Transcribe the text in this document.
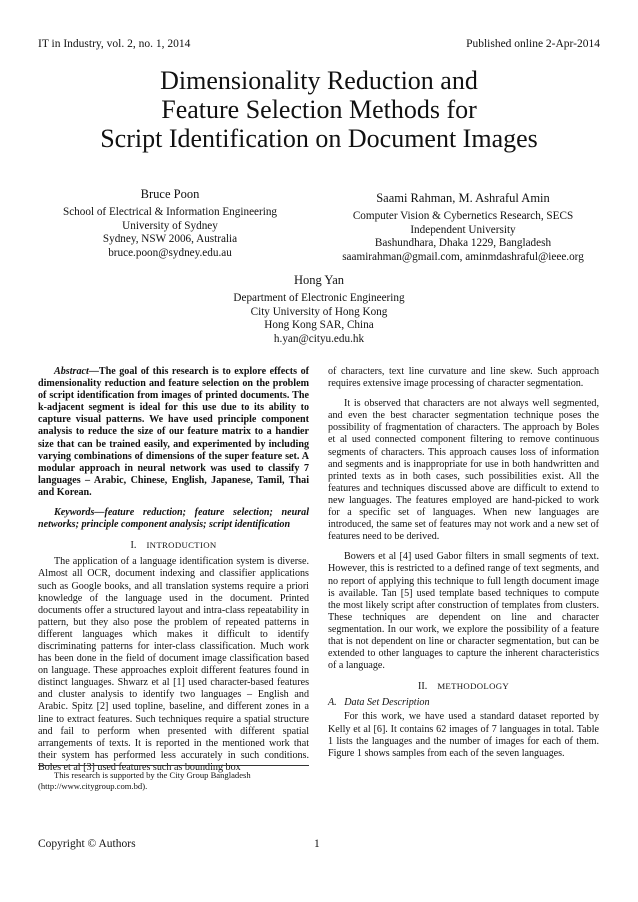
IT in Industry, vol. 2, no. 1, 2014	Published online 2-Apr-2014
Dimensionality Reduction and
Feature Selection Methods for
Script Identification on Document Images
Bruce Poon
School of Electrical & Information Engineering
University of Sydney
Sydney, NSW 2006, Australia
bruce.poon@sydney.edu.au
Saami Rahman, M. Ashraful Amin
Computer Vision & Cybernetics Research, SECS
Independent University
Bashundhara, Dhaka 1229, Bangladesh
saamirahman@gmail.com, aminmdashraful@ieee.org
Hong Yan
Department of Electronic Engineering
City University of Hong Kong
Hong Kong SAR, China
h.yan@cityu.edu.hk

Abstract—The goal of this research is to explore effects of dimensionality reduction and feature selection on the problem of script identification from images of printed documents. The k-adjacent segment is ideal for this use due to its ability to capture visual patterns. We have used principle component analysis to reduce the size of our feature matrix to a handier size that can be trained easily, and experimented by including varying combinations of dimensions of the super feature set. A modular approach in neural network was used to classify 7 languages – Arabic, Chinese, English, Japanese, Tamil, Thai and Korean.

Keywords—feature reduction; feature selection; neural networks; principle component analysis; script identification

I. INTRODUCTION

The application of a language identification system is diverse. Almost all OCR, document indexing and classifier applications such as Google books, and all translation systems require a priori knowledge of the language used in the document. Printed documents offer a structured layout and intra-class repeatability in pattern, but they also pose the problem of repeated patterns in different languages which makes it difficult to identify discriminating patterns for inter-class classification. Much work has been done in the field of document image classification based on language. These approaches exploit different features found in distinct languages. Shwarz et al [1] used character-based features and cluster analysis to identify two languages – English and Arabic. Spitz [2] used topline, baseline, and different zones in a line to extract features. Such techniques require a spatial structure and fail to perform when presented with different spatial arrangements of texts. It is reported in the mentioned work that their system has performed less accurately in such conditions. Boles et al [3] used features such as bounding box

This research is supported by the City Group Bangladesh
(http://www.citygroup.com.bd).

of characters, text line curvature and line skew. Such approach requires extensive image processing of character segmentation.

It is observed that characters are not always well segmented, and even the best character segmentation technique poses the possibility of fragmentation of characters. The approach by Boles et al used connected component filtering to remove continuous segments of characters. This approach causes loss of information and segments and is inappropriate for use in both handwritten and printed texts as in both cases, such possibilities exist. All the features and techniques discussed above are difficult to extend to new languages. The features employed are hand-picked to work for a specific set of languages. When new languages are introduced, the same set of features may not work and a new set of features need to be derived.

Bowers et al [4] used Gabor filters in small segments of text. However, this is restricted to a defined range of text segments, and no report of applying this technique to full length document image is available. Tan [5] used template based techniques to compute the most likely script after construction of templates from clusters. These techniques are dependent on line and character segmentation. In our work, we explore the possibility of a feature that is not dependent on line or character segmentation, but can be extended to other languages to capture the inherent characteristics of a language.

II. METHODOLOGY

A.   Data Set Description

For this work, we have used a standard dataset reported by Kelly et al [6]. It contains 62 images of 7 languages in total. Table 1 lists the languages and the number of images for each of them. Figure 1 shows samples from each of the seven languages.

Copyright © Authors	1
